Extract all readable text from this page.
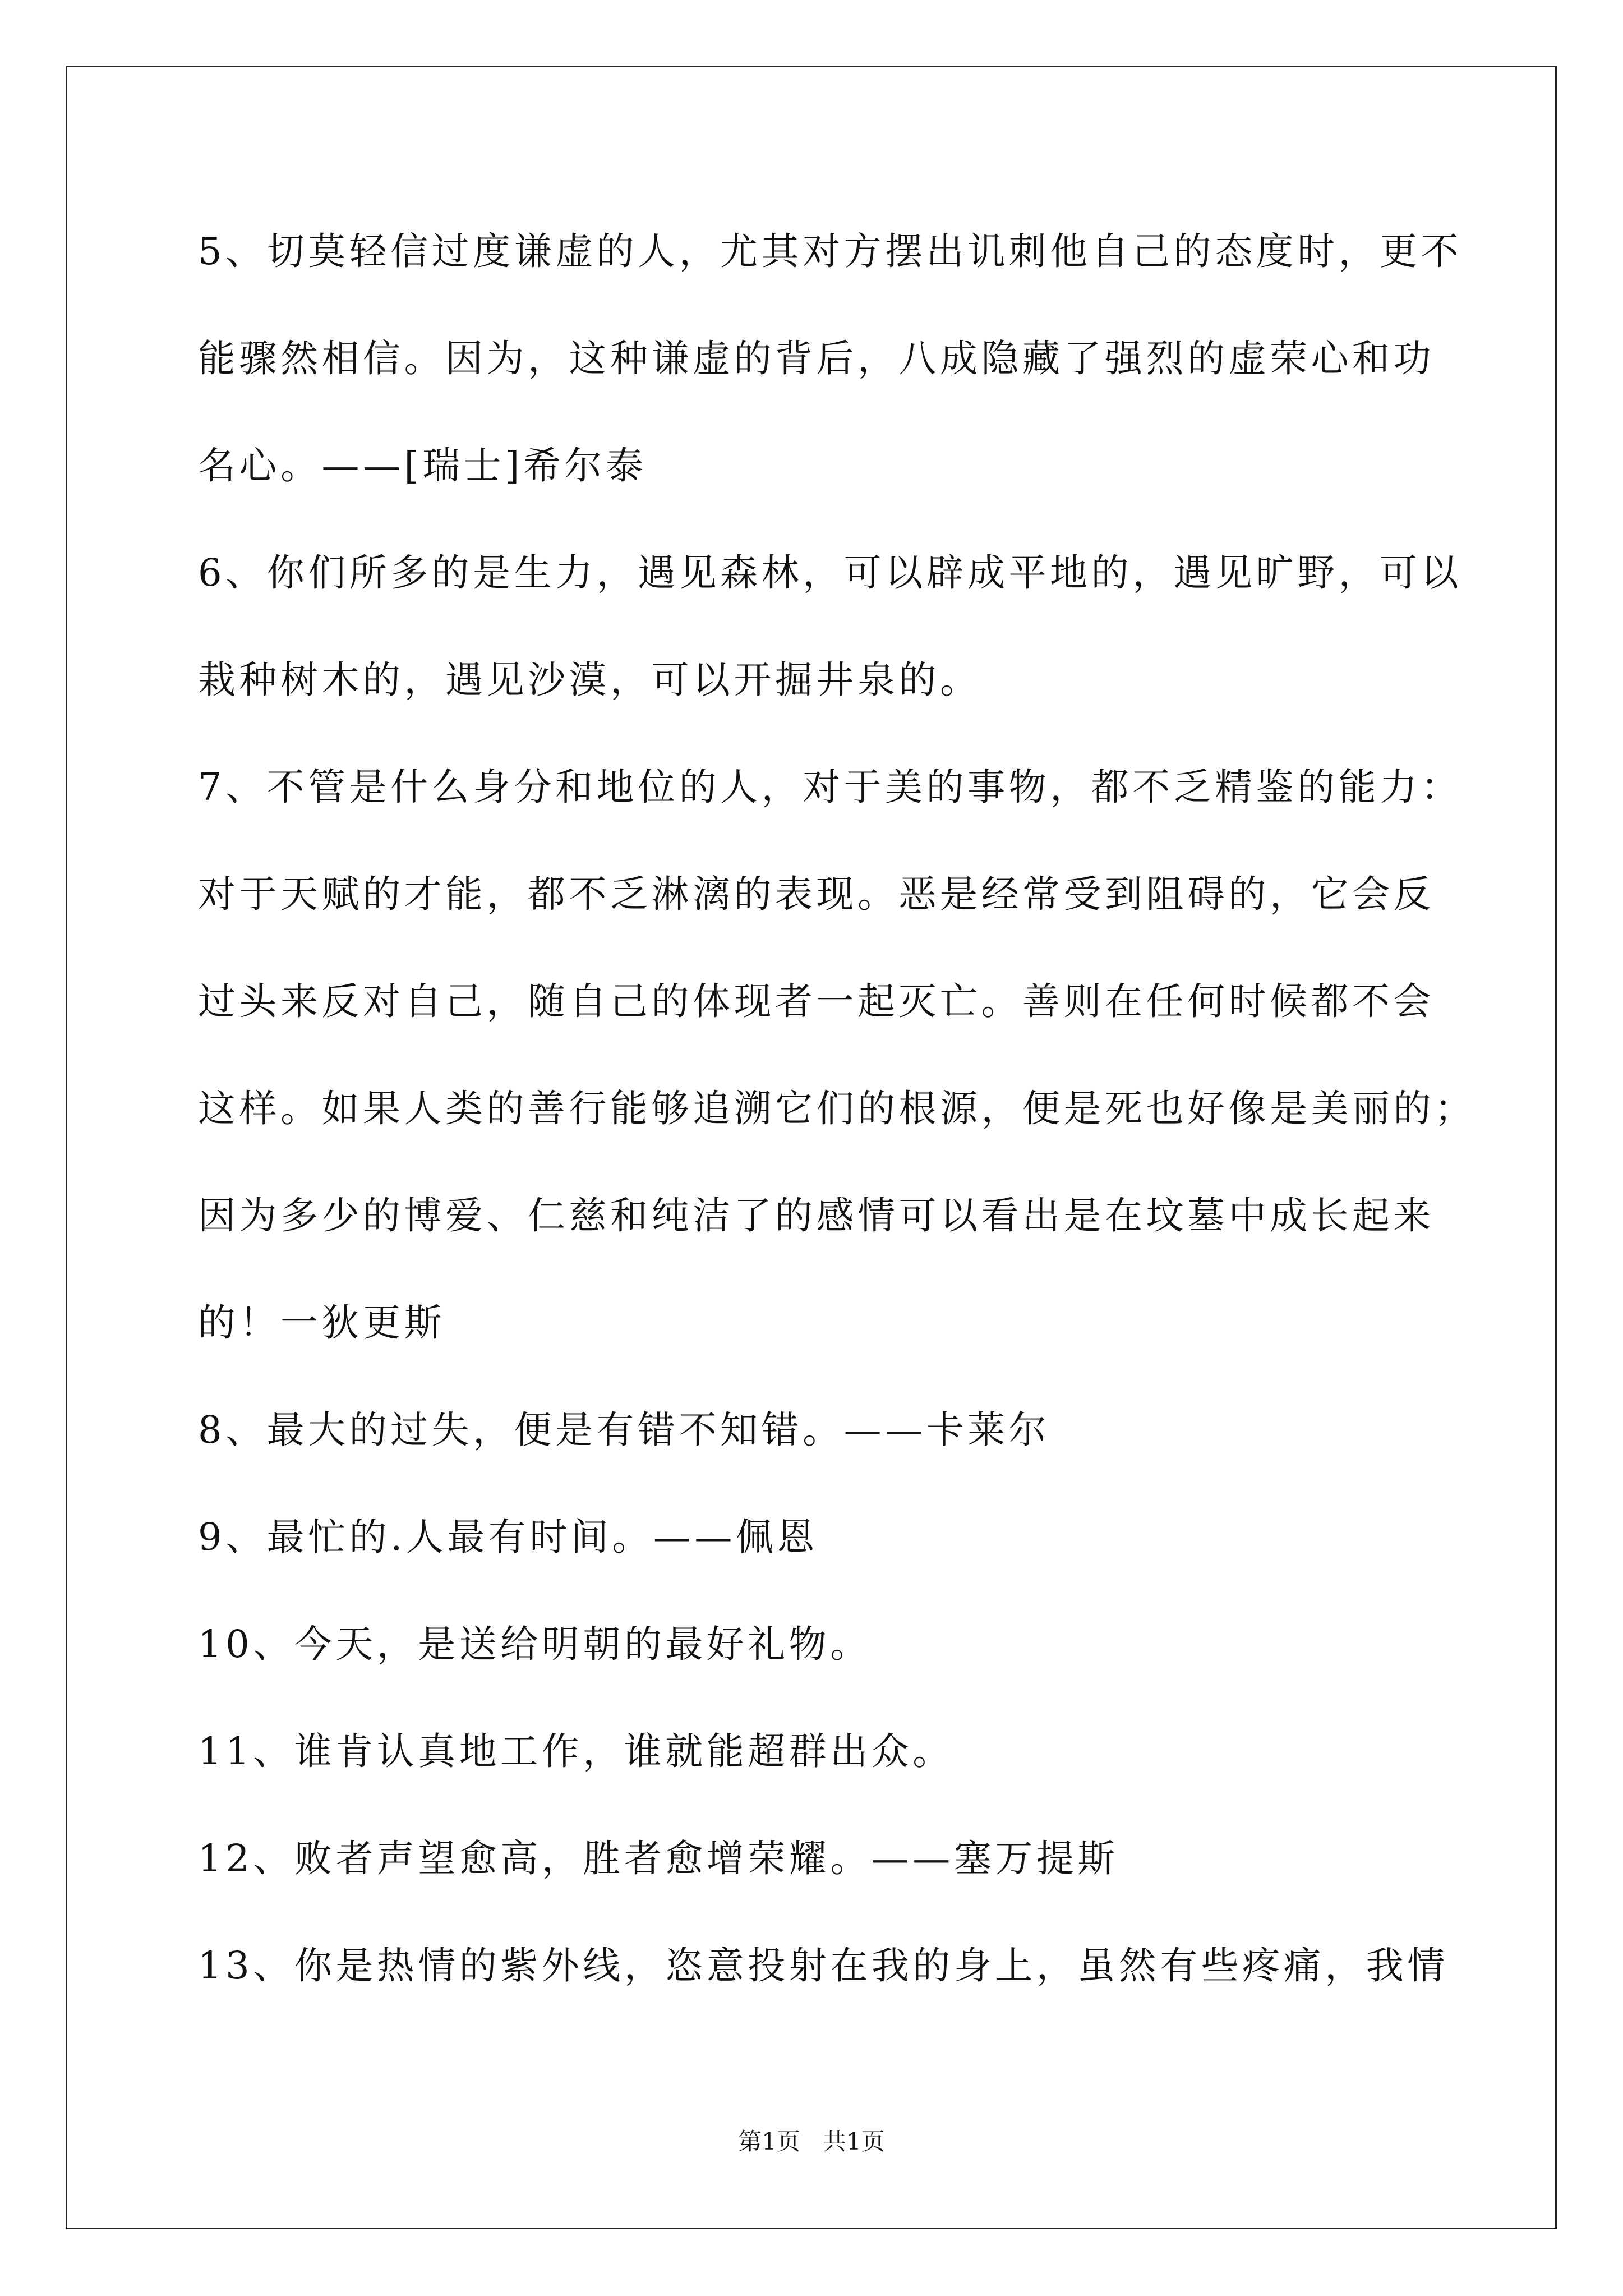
5、切莫轻信过度谦虚的人，尤其对方摆出讥刺他自己的态度时，更不
能骤然相信。因为，这种谦虚的背后，八成隐藏了强烈的虚荣心和功
名心。——[瑞士]希尔泰
6、你们所多的是生力，遇见森林，可以辟成平地的，遇见旷野，可以
栽种树木的，遇见沙漠，可以开掘井泉的。
7、不管是什么身分和地位的人，对于美的事物，都不乏精鉴的能力：
对于天赋的才能，都不乏淋漓的表现。恶是经常受到阻碍的，它会反
过头来反对自己，随自己的体现者一起灭亡。善则在任何时候都不会
这样。如果人类的善行能够追溯它们的根源，便是死也好像是美丽的；
因为多少的博爱、仁慈和纯洁了的感情可以看出是在坟墓中成长起来
的！一狄更斯
8、最大的过失，便是有错不知错。——卡莱尔
9、最忙的.人最有时间。——佩恩
10、今天，是送给明朝的最好礼物。
11、谁肯认真地工作，谁就能超群出众。
12、败者声望愈高，胜者愈增荣耀。——塞万提斯
13、你是热情的紫外线，恣意投射在我的身上，虽然有些疼痛，我情
第1页   共1页
